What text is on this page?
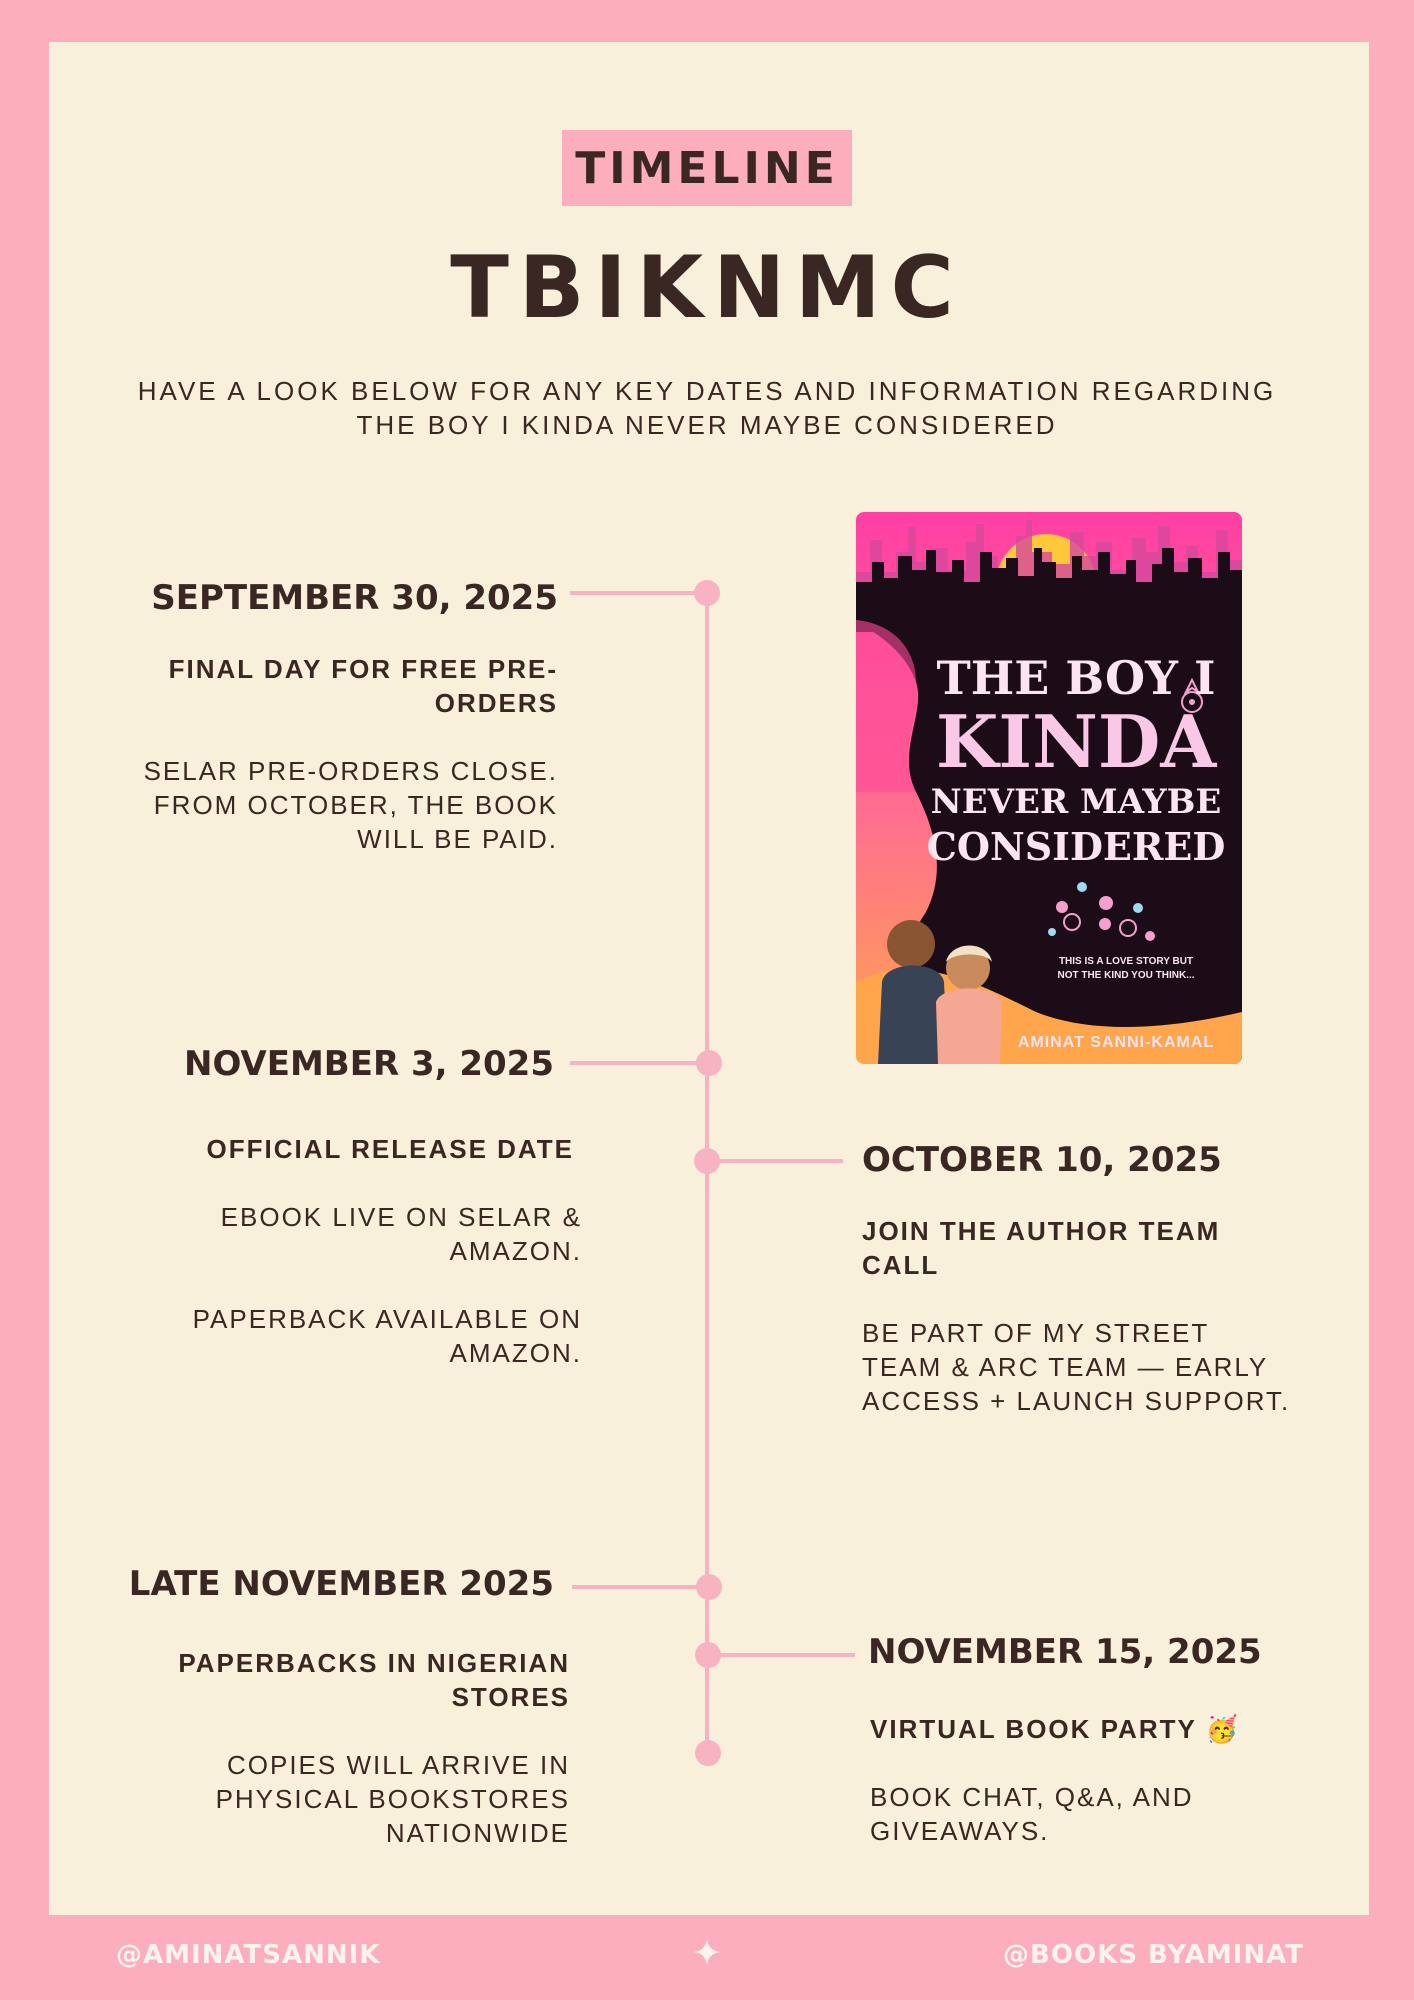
TIMELINE
TBIKNMC
HAVE A LOOK BELOW FOR ANY KEY DATES AND INFORMATION REGARDING
THE BOY I KINDA NEVER MAYBE CONSIDERED
SEPTEMBER 30, 2025
FINAL DAY FOR FREE PRE-
ORDERS
SELAR PRE-ORDERS CLOSE.
FROM OCTOBER, THE BOOK
WILL BE PAID.
THE BOY I
KINDA
NEVER MAYBE
CONSIDERED
THIS IS A LOVE STORY BUT
NOT THE KIND YOU THINK...
AMINAT SANNI-KAMAL
NOVEMBER 3, 2025
OFFICIAL RELEASE DATE
EBOOK LIVE ON SELAR &
AMAZON.
PAPERBACK AVAILABLE ON
AMAZON.
OCTOBER 10, 2025
JOIN THE AUTHOR TEAM
CALL
BE PART OF MY STREET
TEAM & ARC TEAM — EARLY
ACCESS + LAUNCH SUPPORT.
LATE NOVEMBER 2025
PAPERBACKS IN NIGERIAN
STORES
COPIES WILL ARRIVE IN
PHYSICAL BOOKSTORES
NATIONWIDE
NOVEMBER 15, 2025
VIRTUAL BOOK PARTY 🥳
BOOK CHAT, Q&A, AND
GIVEAWAYS.
@AMINATSANNIK	@BOOKS BYAMINAT
